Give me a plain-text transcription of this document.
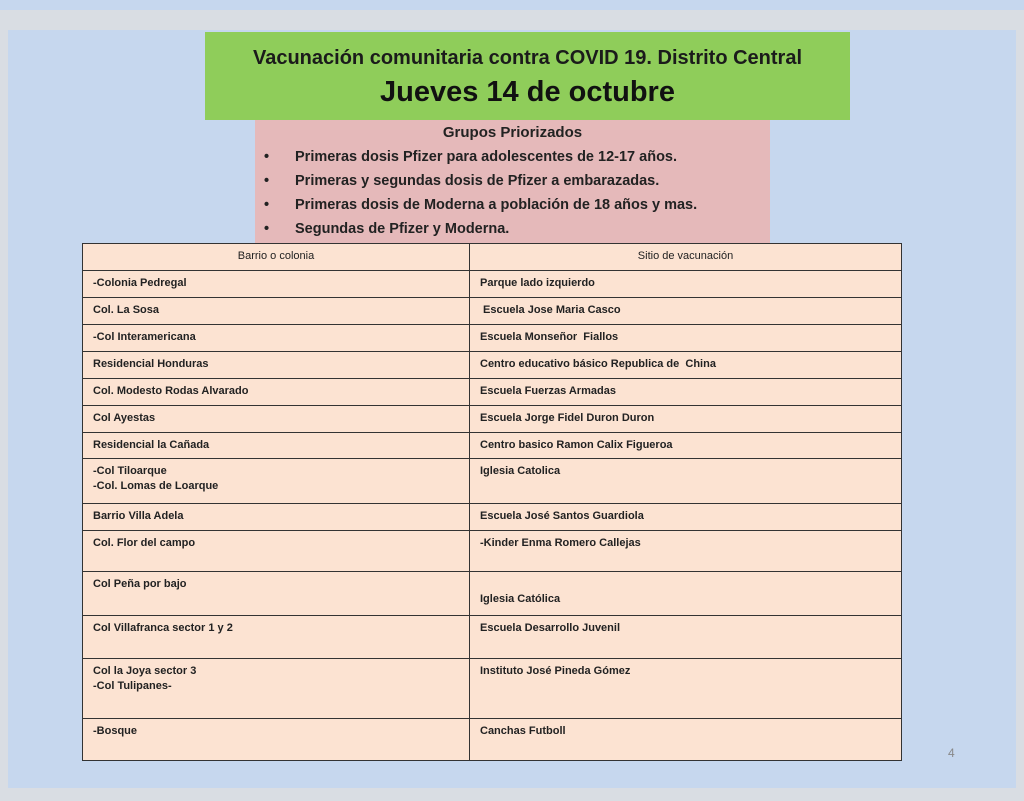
Vacunación comunitaria contra COVID 19. Distrito Central
Jueves 14 de octubre
Grupos Priorizados
• Primeras dosis Pfizer para adolescentes de 12-17 años.
• Primeras y segundas dosis de Pfizer a embarazadas.
• Primeras dosis de Moderna a población de 18 años y mas.
• Segundas de Pfizer y Moderna.
Barrio o colonia	Sitio de vacunación

-Colonia Pedregal	Parque lado izquierdo

Col. La Sosa	Escuela Jose Maria Casco

-Col Interamericana	Escuela Monseñor  Fiallos

Residencial Honduras	Centro educativo básico Republica de  China

Col. Modesto Rodas Alvarado	Escuela Fuerzas Armadas

Col Ayestas	Escuela Jorge Fidel Duron Duron

Residencial la Cañada	Centro basico Ramon Calix Figueroa

-Col Tiloarque
-Col. Lomas de Loarque	Iglesia Catolica

Barrio Villa Adela	Escuela José Santos Guardiola

Col. Flor del campo	-Kinder Enma Romero Callejas

Col Peña por bajo	Iglesia Católica

Col Villafranca sector 1 y 2	Escuela Desarrollo Juvenil

Col la Joya sector 3
-Col Tulipanes-	Instituto José Pineda Gómez

-Bosque	Canchas Futboll
4
